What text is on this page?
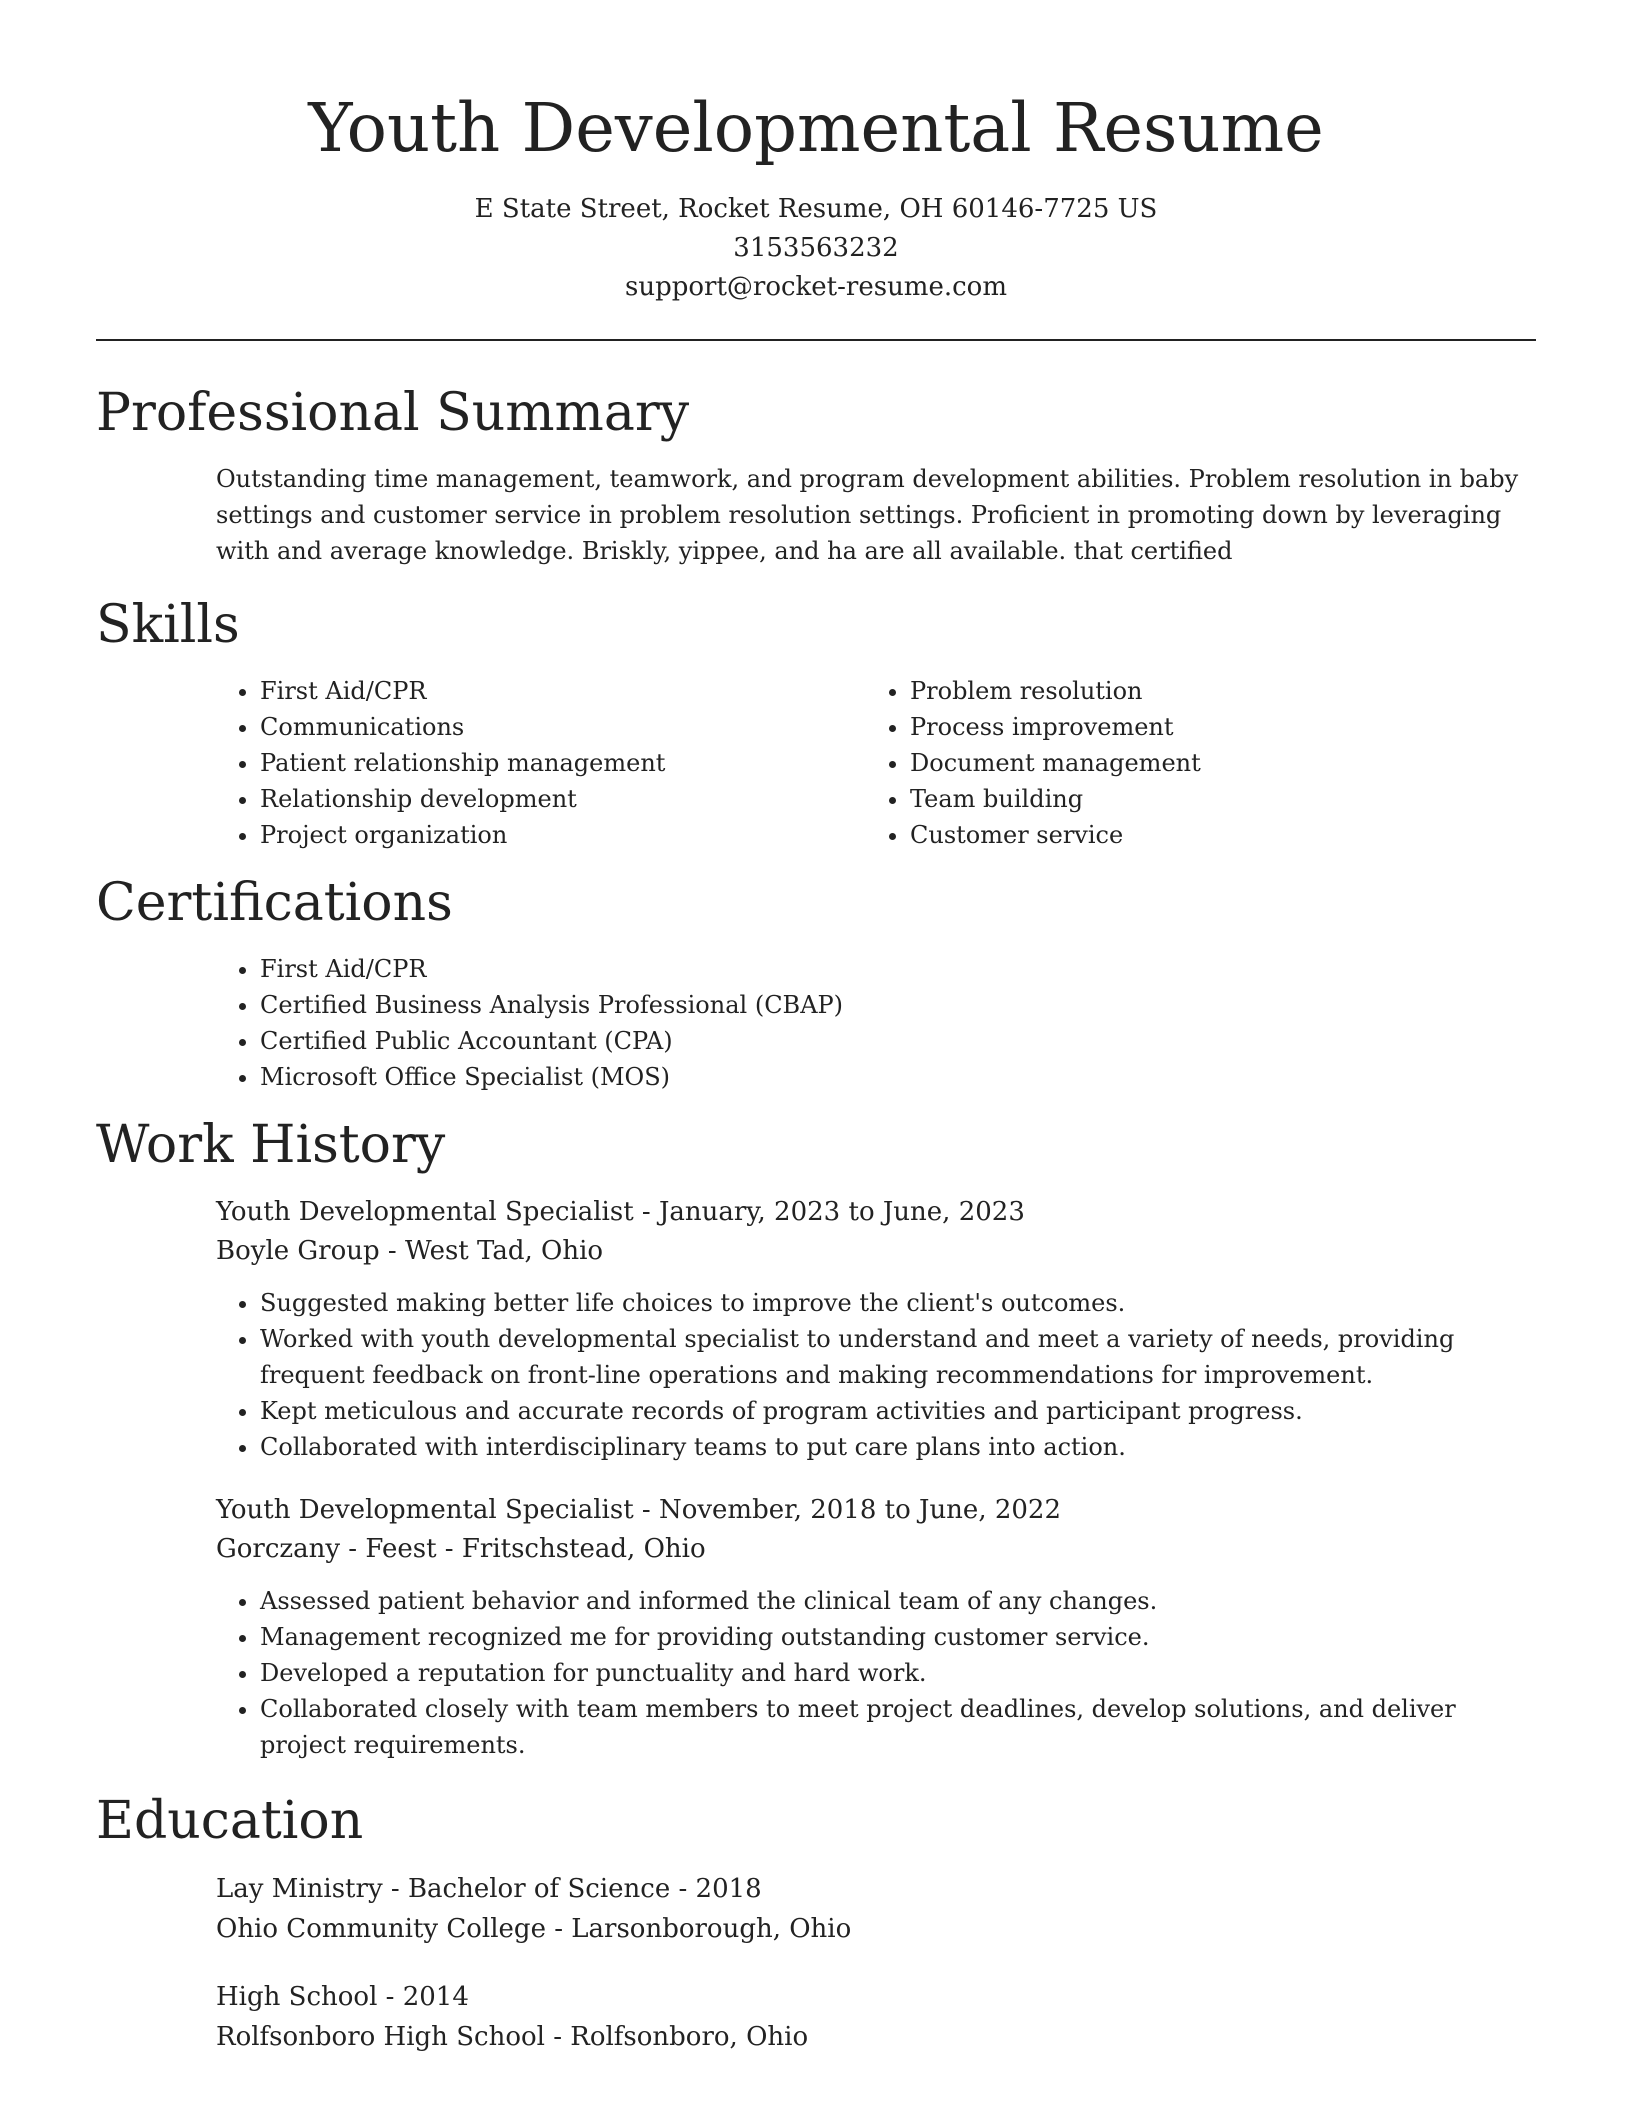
Youth Developmental Resume
E State Street, Rocket Resume, OH 60146-7725 US
3153563232
support@rocket-resume.com
Professional Summary

Outstanding time management, teamwork, and program development abilities. Problem resolution in baby settings and customer service in problem resolution settings. Proficient in promoting down by leveraging with and average knowledge. Briskly, yippee, and ha are all available. that certified

Skills
• First Aid/CPR
• Communications
• Patient relationship management
• Relationship development
• Project organization
• Problem resolution
• Process improvement
• Document management
• Team building
• Customer service
Certifications
• First Aid/CPR
• Certified Business Analysis Professional (CBAP)
• Certified Public Accountant (CPA)
• Microsoft Office Specialist (MOS)
Work History
Youth Developmental Specialist - January, 2023 to June, 2023
Boyle Group - West Tad, Ohio
• Suggested making better life choices to improve the client's outcomes.
• Worked with youth developmental specialist to understand and meet a variety of needs, providing frequent feedback on front-line operations and making recommendations for improvement.
• Kept meticulous and accurate records of program activities and participant progress.
• Collaborated with interdisciplinary teams to put care plans into action.
Youth Developmental Specialist - November, 2018 to June, 2022
Gorczany - Feest - Fritschstead, Ohio
• Assessed patient behavior and informed the clinical team of any changes.
• Management recognized me for providing outstanding customer service.
• Developed a reputation for punctuality and hard work.
• Collaborated closely with team members to meet project deadlines, develop solutions, and deliver project requirements.
Education
Lay Ministry - Bachelor of Science - 2018
Ohio Community College - Larsonborough, Ohio
High School - 2014
Rolfsonboro High School - Rolfsonboro, Ohio
